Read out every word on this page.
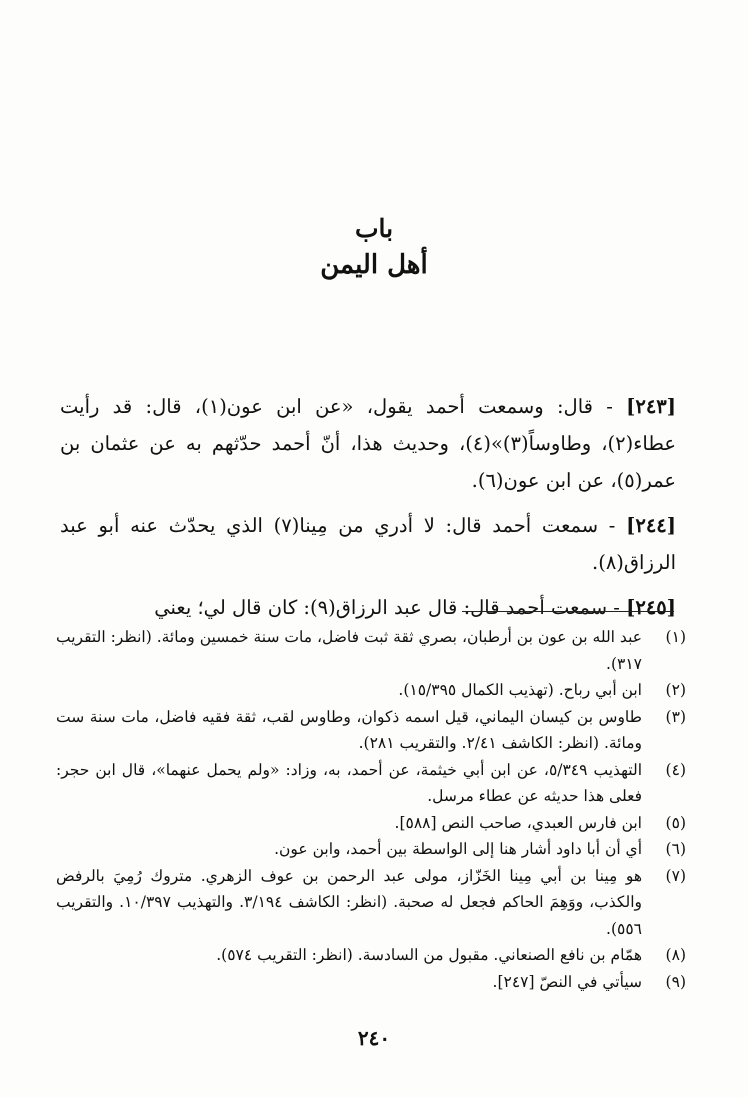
باب
أهل اليمن

[٢٤٣] - قال: وسمعت أحمد يقول، «عن ابن عون(١)، قال: قد رأيت عطاء(٢)، وطاوساً(٣)»(٤)، وحديث هذا، أنّ أحمد حدّثهم به عن عثمان بن عمر(٥)، عن ابن عون(٦).

[٢٤٤] - سمعت أحمد قال: لا أدري من مِينا(٧) الذي يحدّث عنه أبو عبد الرزاق(٨).

[٢٤٥] - سمعت أحمد قال: قال عبد الرزاق(٩): كان قال لي؛ يعني

(١)
عبد الله بن عون بن أرطبان، بصري ثقة ثبت فاضل، مات سنة خمسين ومائة. (انظر: التقريب ٣١٧).
(٢)
ابن أبي رباح. (تهذيب الكمال ١٥/٣٩٥).
(٣)
طاوس بن كيسان اليماني، قيل اسمه ذكوان، وطاوس لقب، ثقة فقيه فاضل، مات سنة ست ومائة. (انظر: الكاشف ٢/٤١. والتقريب ٢٨١).
(٤)
التهذيب ٥/٣٤٩، عن ابن أبي خيثمة، عن أحمد، به، وزاد: «ولم يحمل عنهما»، قال ابن حجر: فعلى هذا حديثه عن عطاء مرسل.
(٥)
ابن فارس العبدي، صاحب النص [٥٨٨].
(٦)
أي أن أبا داود أشار هنا إلى الواسطة بين أحمد، وابن عون.
(٧)
هو مِينا بن أبي مِينا الخَزّاز، مولى عبد الرحمن بن عوف الزهري. متروك رُمِيَ بالرفض والكذب، ووَهِمَ الحاكم فجعل له صحبة. (انظر: الكاشف ٣/١٩٤. والتهذيب ١٠/٣٩٧. والتقريب ٥٥٦).
(٨)
همّام بن نافع الصنعاني. مقبول من السادسة. (انظر: التقريب ٥٧٤).
(٩)
سيأتي في النصّ [٢٤٧].
٢٤٠
